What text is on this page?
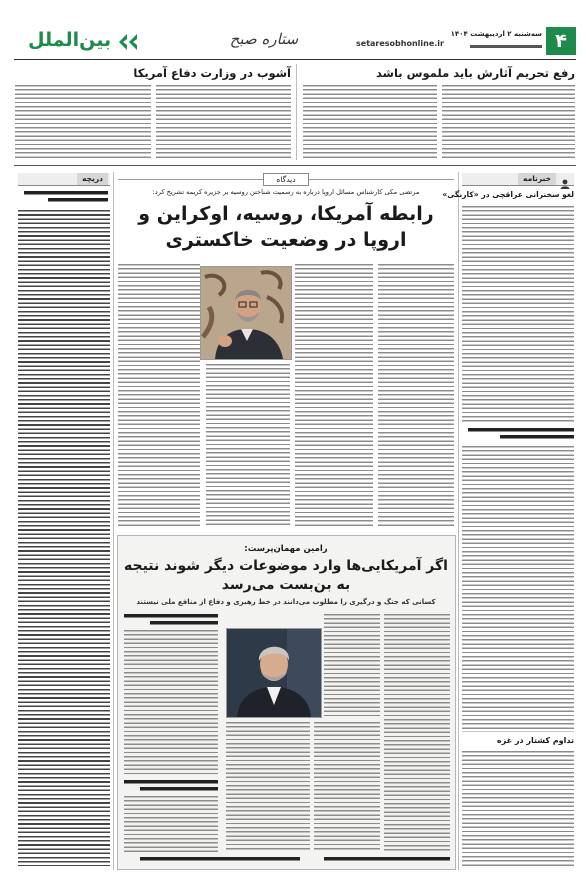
بین‌الملل	ستاره صبح	setaresobhonline.ir
سه‌شنبه ۲ اردیبهشت ۱۴۰۴ ۴
رفع تحریم آثارش باید ملموس باشد
آشوب در وزارت دفاع آمریکا
دریچه	دیدگاه
مرتضی مکی کارشناس مسائل اروپا درباره به رسمیت شناختن روسیه بر جزیره کریمه تشریح کرد:
رابطه آمریکا، روسیه، اوکراین و اروپا در وضعیت خاکستری
رامین مهمان‌پرست:
اگر آمریکایی‌ها وارد موضوعات دیگر شوند نتیجه به بن‌بست می‌رسد
کسانی که جنگ و درگیری را مطلوب می‌دانند در خط رهبری و دفاع از منافع ملی نیستند
خبرنامه
لغو سخنرانی عراقچی در «کارنگی»
تداوم کشتار در غزه
